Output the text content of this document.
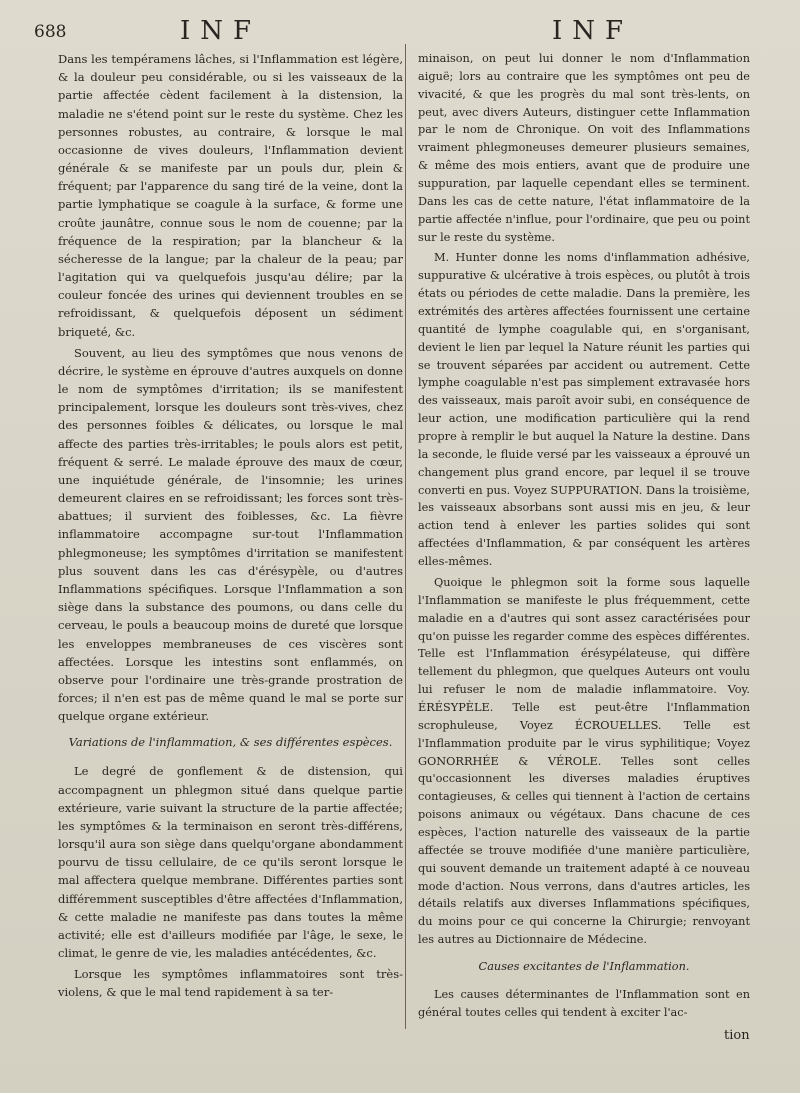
688	INF	INF

Dans les tempéramens lâches, si l'Inflammation est légère, & la douleur peu considérable, ou si les vaisseaux de la partie affectée cèdent facilement à la distension, la maladie ne s'étend point sur le reste du système. Chez les personnes robustes, au contraire, & lorsque le mal occasionne de vives douleurs, l'Inflammation devient générale & se manifeste par un pouls dur, plein & fréquent; par l'apparence du sang tiré de la veine, dont la partie lymphatique se coagule à la surface, & forme une croûte jaunâtre, connue sous le nom de couenne; par la fréquence de la respiration; par la blancheur & la sécheresse de la langue; par la chaleur de la peau; par l'agitation qui va quelquefois jusqu'au délire; par la couleur foncée des urines qui deviennent troubles en se refroidissant, & quelquefois déposent un sédiment briqueté, &c.

Souvent, au lieu des symptômes que nous venons de décrire, le système en éprouve d'autres auxquels on donne le nom de symptômes d'irritation; ils se manifestent principalement, lorsque les douleurs sont très-vives, chez des personnes foibles & délicates, ou lorsque le mal affecte des parties très-irritables; le pouls alors est petit, fréquent & serré. Le malade éprouve des maux de cœur, une inquiétude générale, de l'insomnie; les urines demeurent claires en se refroidissant; les forces sont très-abattues; il survient des foiblesses, &c. La fièvre inflammatoire accompagne sur-tout l'Inflammation phlegmoneuse; les symptômes d'irritation se manifestent plus souvent dans les cas d'érésypèle, ou d'autres Inflammations spécifiques. Lorsque l'Inflammation a son siège dans la substance des poumons, ou dans celle du cerveau, le pouls a beaucoup moins de dureté que lorsque les enveloppes membraneuses de ces viscères sont affectées. Lorsque les intestins sont enflammés, on observe pour l'ordinaire une très-grande prostration de forces; il n'en est pas de même quand le mal se porte sur quelque organe extérieur.

Variations de l'inflammation, & ses différentes espèces.

Le degré de gonflement & de distension, qui accompagnent un phlegmon situé dans quelque partie extérieure, varie suivant la structure de la partie affectée; les symptômes & la terminaison en seront très-différens, lorsqu'il aura son siège dans quelqu'organe abondamment pourvu de tissu cellulaire, de ce qu'ils seront lorsque le mal affectera quelque membrane. Différentes parties sont différemment susceptibles d'être affectées d'Inflammation, & cette maladie ne manifeste pas dans toutes la même activité; elle est d'ailleurs modifiée par l'âge, le sexe, le climat, le genre de vie, les maladies antécédentes, &c.

Lorsque les symptômes inflammatoires sont très-violens, & que le mal tend rapidement à sa ter-

minaison, on peut lui donner le nom d'Inflammation aiguë; lors au contraire que les symptômes ont peu de vivacité, & que les progrès du mal sont très-lents, on peut, avec divers Auteurs, distinguer cette Inflammation par le nom de Chronique. On voit des Inflammations vraiment phlegmoneuses demeurer plusieurs semaines, & même des mois entiers, avant que de produire une suppuration, par laquelle cependant elles se terminent. Dans les cas de cette nature, l'état inflammatoire de la partie affectée n'influe, pour l'ordinaire, que peu ou point sur le reste du système.

M. Hunter donne les noms d'inflammation adhésive, suppurative & ulcérative à trois espèces, ou plutôt à trois états ou périodes de cette maladie. Dans la première, les extrémités des artères affectées fournissent une certaine quantité de lymphe coagulable qui, en s'organisant, devient le lien par lequel la Nature réunit les parties qui se trouvent séparées par accident ou autrement. Cette lymphe coagulable n'est pas simplement extravasée hors des vaisseaux, mais paroît avoir subi, en conséquence de leur action, une modification particulière qui la rend propre à remplir le but auquel la Nature la destine. Dans la seconde, le fluide versé par les vaisseaux a éprouvé un changement plus grand encore, par lequel il se trouve converti en pus. Voyez SUPPURATION. Dans la troisième, les vaisseaux absorbans sont aussi mis en jeu, & leur action tend à enlever les parties solides qui sont affectées d'Inflammation, & par conséquent les artères elles-mêmes.

Quoique le phlegmon soit la forme sous laquelle l'Inflammation se manifeste le plus fréquemment, cette maladie en a d'autres qui sont assez caractérisées pour qu'on puisse les regarder comme des espèces différentes. Telle est l'Inflammation érésypélateuse, qui diffère tellement du phlegmon, que quelques Auteurs ont voulu lui refuser le nom de maladie inflammatoire. Voy. ÉRÉSYPÈLE. Telle est peut-être l'Inflammation scrophuleuse, Voyez ÉCROUELLES. Telle est l'Inflammation produite par le virus syphilitique; Voyez GONORRHÉE & VÉROLE. Telles sont celles qu'occasionnent les diverses maladies éruptives contagieuses, & celles qui tiennent à l'action de certains poisons animaux ou végétaux. Dans chacune de ces espèces, l'action naturelle des vaisseaux de la partie affectée se trouve modifiée d'une manière particulière, qui souvent demande un traitement adapté à ce nouveau mode d'action. Nous verrons, dans d'autres articles, les détails relatifs aux diverses Inflammations spécifiques, du moins pour ce qui concerne la Chirurgie; renvoyant les autres au Dictionnaire de Médecine.

Causes excitantes de l'Inflammation.

Les causes déterminantes de l'Inflammation sont en général toutes celles qui tendent à exciter l'ac-

tion
